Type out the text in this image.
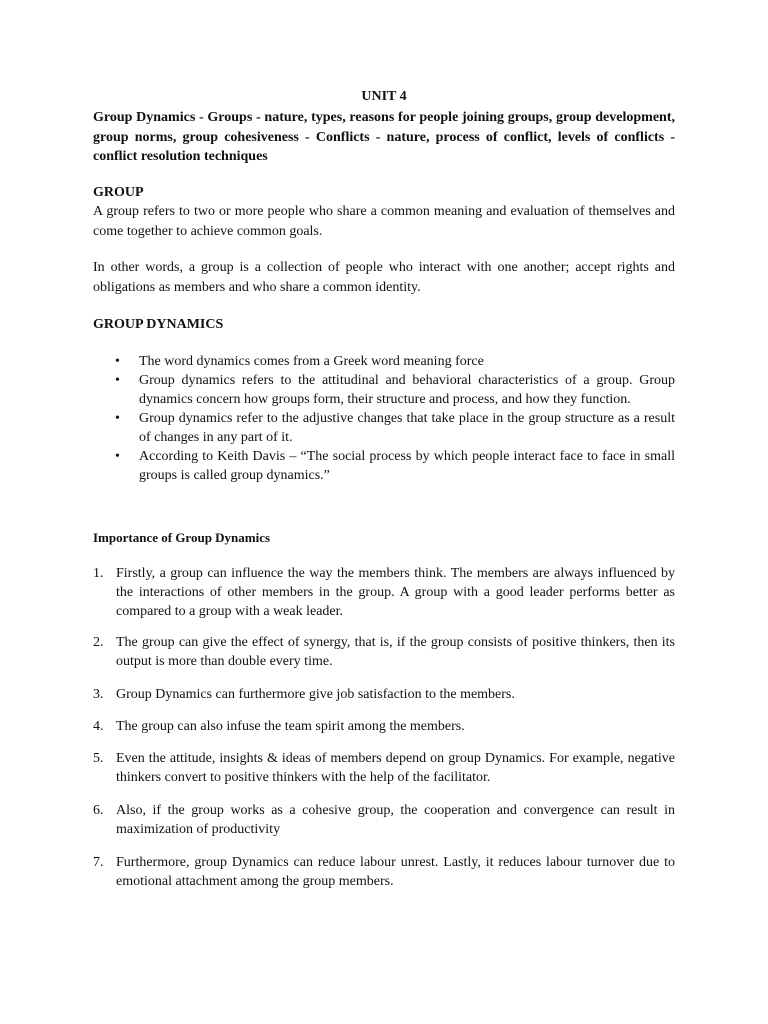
UNIT 4
Group Dynamics - Groups - nature, types, reasons for people joining groups, group development, group norms, group cohesiveness - Conflicts - nature, process of conflict, levels of conflicts - conflict resolution techniques
GROUP
A group refers to two or more people who share a common meaning and evaluation of themselves and come together to achieve common goals.
In other words, a group is a collection of people who interact with one another; accept rights and obligations as members and who share a common identity.
GROUP DYNAMICS
• The word dynamics comes from a Greek word meaning force
• Group dynamics refers to the attitudinal and behavioral characteristics of a group. Group dynamics concern how groups form, their structure and process, and how they function.
• Group dynamics refer to the adjustive changes that take place in the group structure as a result of changes in any part of it.
• According to Keith Davis – “The social process by which people interact face to face in small groups is called group dynamics.”
Importance of Group Dynamics
1. Firstly, a group can influence the way the members think. The members are always influenced by the interactions of other members in the group. A group with a good leader performs better as compared to a group with a weak leader.
2. The group can give the effect of synergy, that is, if the group consists of positive thinkers, then its output is more than double every time.
3. Group Dynamics can furthermore give job satisfaction to the members.
4. The group can also infuse the team spirit among the members.
5. Even the attitude, insights & ideas of members depend on group Dynamics. For example, negative thinkers convert to positive thinkers with the help of the facilitator.
6. Also, if the group works as a cohesive group, the cooperation and convergence can result in maximization of productivity
7. Furthermore, group Dynamics can reduce labour unrest. Lastly, it reduces labour turnover due to emotional attachment among the group members.
